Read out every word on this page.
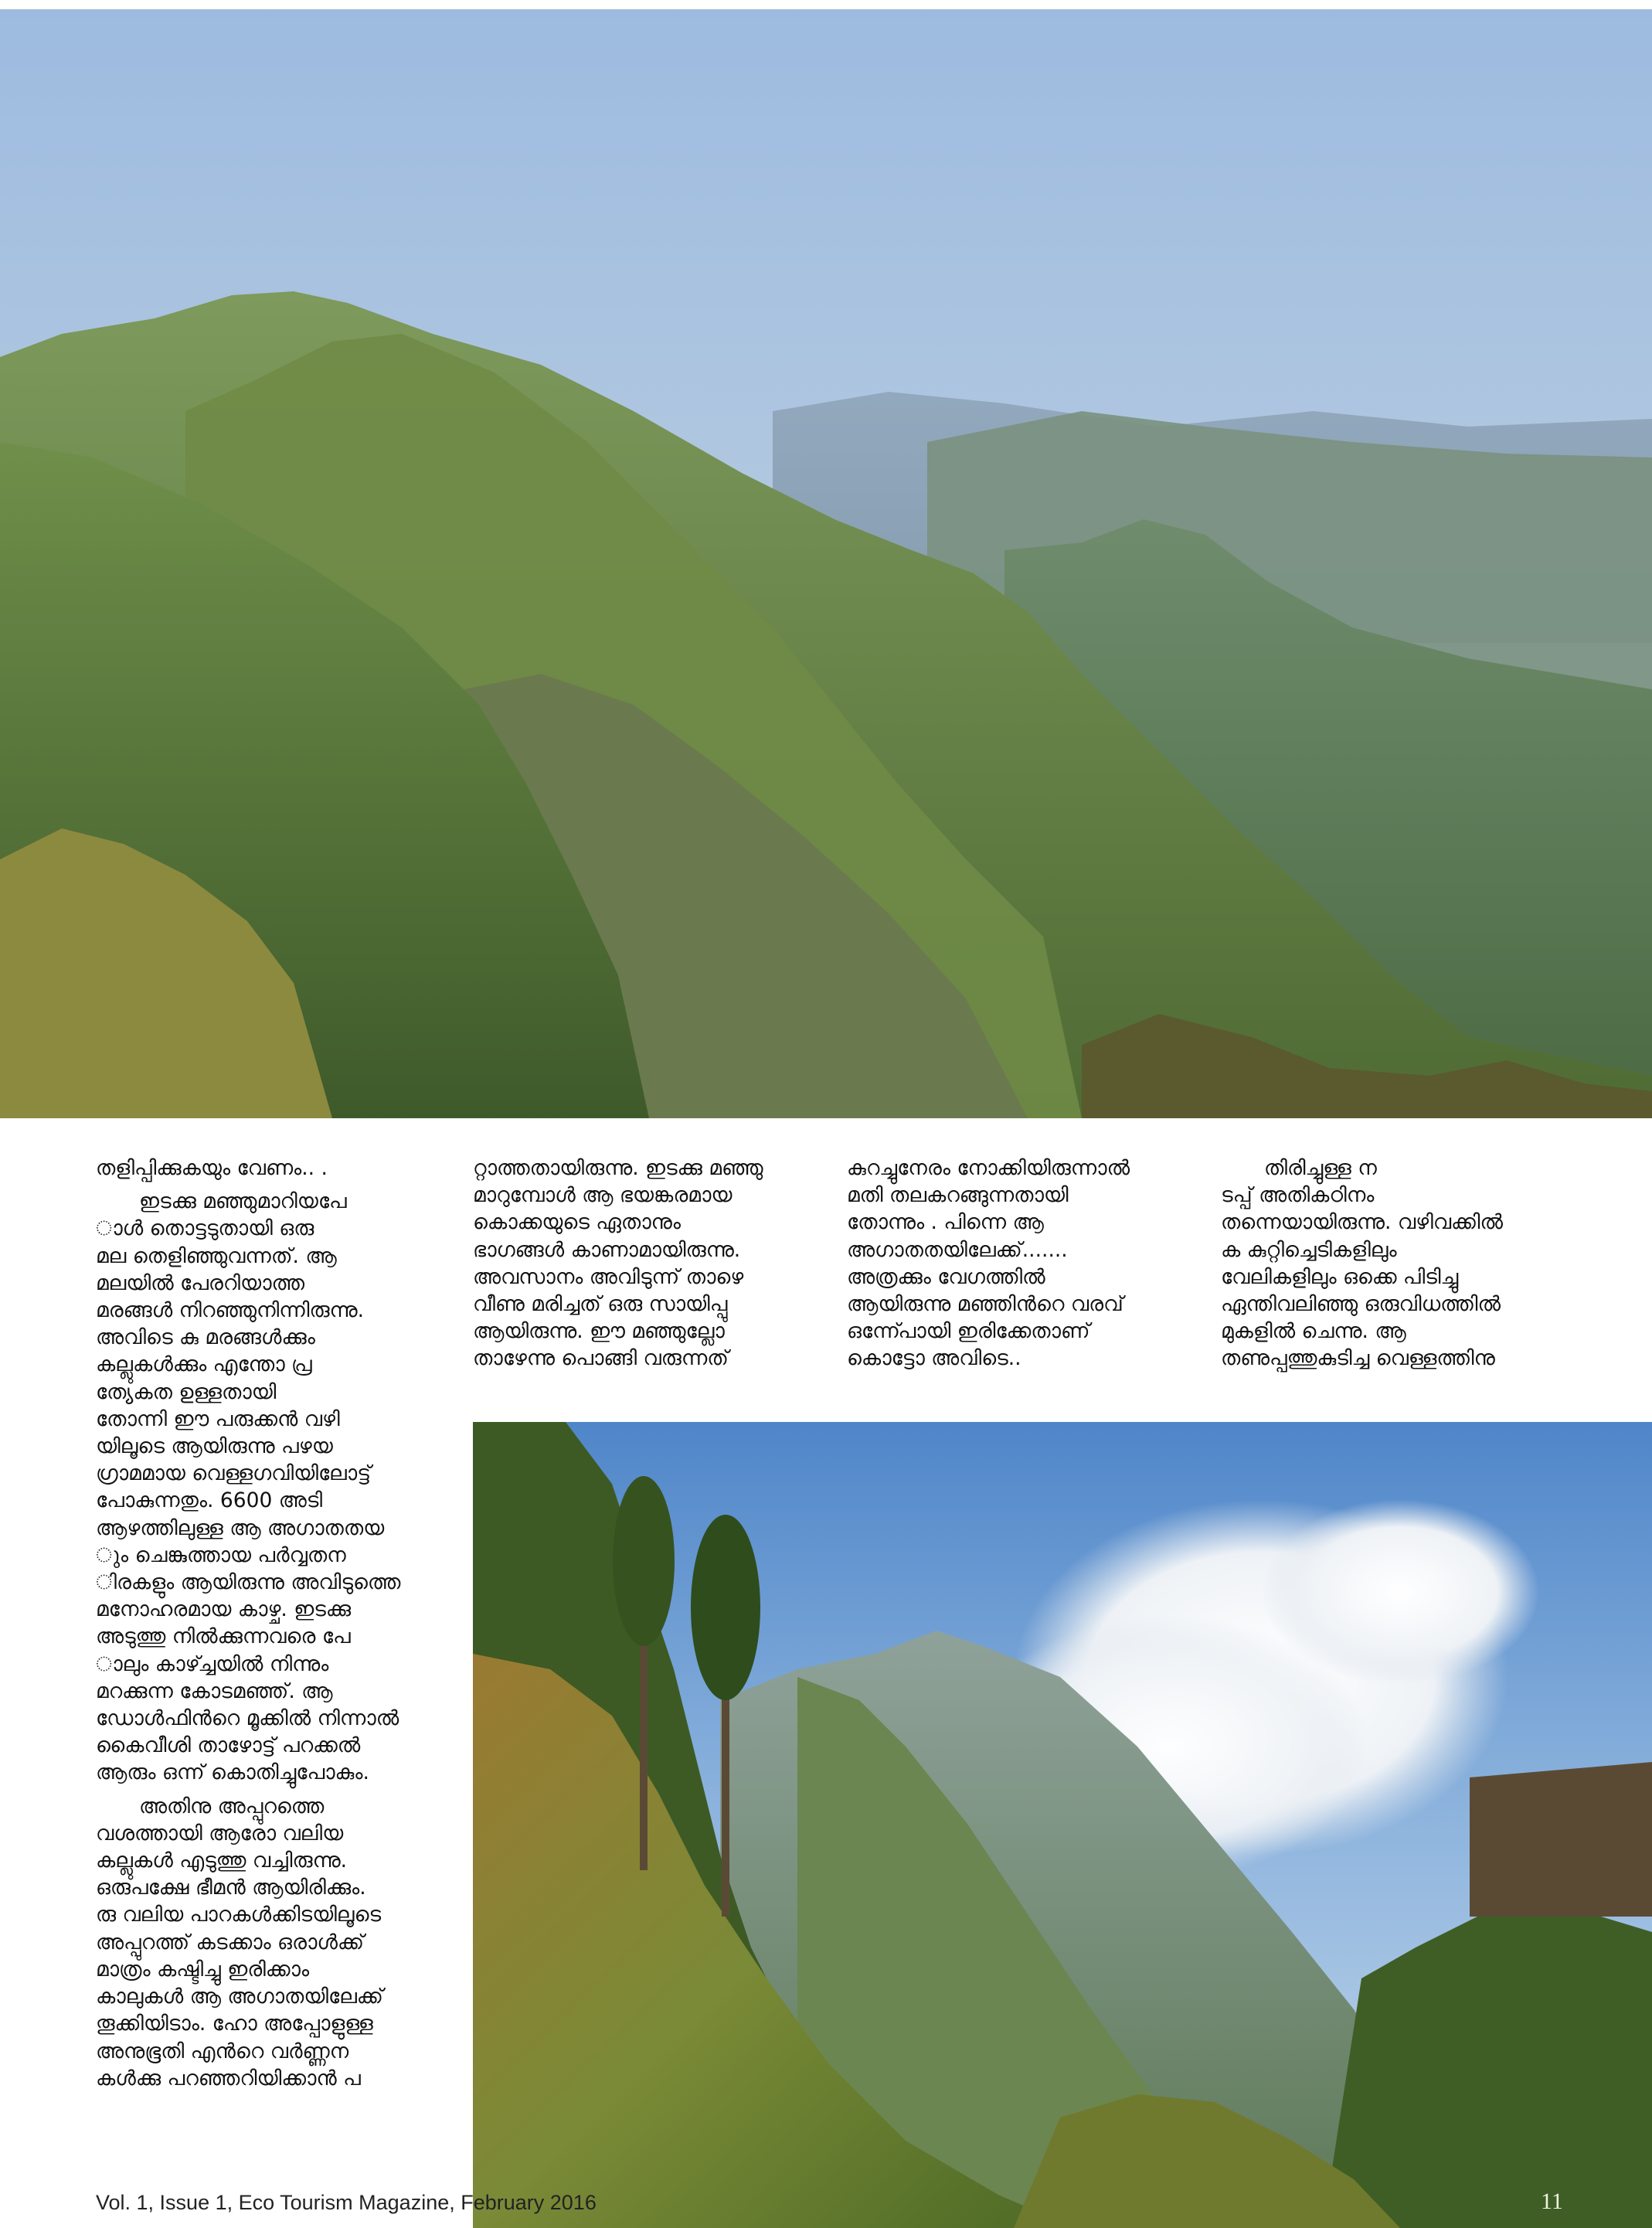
തളിപ്പിക്കുകയും വേണം.. .

ഇടക്കു മഞ്ഞുമാറിയപേ
ാൾ തൊട്ടടുതായി ഒരു
മല തെളിഞ്ഞുവന്നത്. ആ
മലയിൽ പേരറിയാത്ത
മരങ്ങൾ നിറഞ്ഞുനിന്നിരുന്നു.
അവിടെ കു മരങ്ങൾക്കും
കല്ലുകൾക്കും എന്തോ പ്ര
ത്യേകത ഉള്ളതായി
തോന്നി ഈ പരുക്കൻ വഴി
യിലൂടെ ആയിരുന്നു പഴയ
ഗ്രാമമായ വെള്ളഗവിയിലോട്ട്
പോകുന്നതും. 6600 അടി
ആഴത്തിലുള്ള ആ അഗാതതയ
ും ചെങ്കുത്തായ പർവ്വതന
ിരകളും ആയിരുന്നു അവിടുത്തെ
മനോഹരമായ കാഴ്ച. ഇടക്കു
അടുത്തു നിൽക്കുന്നവരെ പേ
ാലും കാഴ്ച്ചയിൽ നിന്നും
മറക്കുന്ന കോടമഞ്ഞ്. ആ
ഡോൾഫിൻറെ മൂക്കിൽ നിന്നാൽ
കൈവീശി താഴോട്ട് പറക്കൽ
ആരും ഒന്ന് കൊതിച്ചുപോകും.

അതിനു അപ്പുറത്തെ
വശത്തായി ആരോ വലിയ
കല്ലുകൾ എടുത്തു വച്ചിരുന്നു.
ഒരുപക്ഷേ ഭീമൻ ആയിരിക്കും.
രു വലിയ പാറകൾക്കിടയിലൂടെ
അപ്പുറത്ത് കടക്കാം ഒരാൾക്ക്
മാത്രം കഷ്ടിച്ചു ഇരിക്കാം
കാലുകൾ ആ അഗാതയിലേക്ക്
തൂക്കിയിടാം. ഹോ അപ്പോളുള്ള
അനുഭൂതി എൻറെ വർണ്ണന
കൾക്കു പറഞ്ഞറിയിക്കാൻ പ

റ്റാത്തതായിരുന്നു. ഇടക്കു മഞ്ഞു
മാറുമ്പോൾ ആ ഭയങ്കരമായ
കൊക്കയുടെ ഏതാനും
ഭാഗങ്ങൾ കാണാമായിരുന്നു.
അവസാനം അവിടുന്ന് താഴെ
വീണു മരിച്ചത് ഒരു സായിപ്പു
ആയിരുന്നു. ഈ മഞ്ഞുല്ലോ
താഴേന്നു പൊങ്ങി വരുന്നത്

കുറച്ചുനേരം നോക്കിയിരുന്നാൽ
മതി തലകറങ്ങുന്നതായി
തോന്നും . പിന്നെ ആ
അഗാതതയിലേക്ക്.......
അത്രക്കും വേഗത്തിൽ
ആയിരുന്നു മഞ്ഞിൻറെ വരവ്
ഒന്ന്പോയി ഇരിക്കേതാണ്
കൊട്ടോ അവിടെ..

തിരിച്ചുള്ള ന
ടപ്പ് അതികഠിനം
തന്നെയായിരുന്നു. വഴിവക്കിൽ
ക കുറ്റിച്ചെടികളിലും
വേലികളിലും ഒക്കെ പിടിച്ചു
ഏന്തിവലിഞ്ഞു ഒരുവിധത്തിൽ
മുകളിൽ ചെന്നു. ആ
തണുപ്പത്തുകുടിച്ച വെള്ളത്തിനു

Vol. 1, Issue 1, Eco Tourism Magazine, February 2016	11
